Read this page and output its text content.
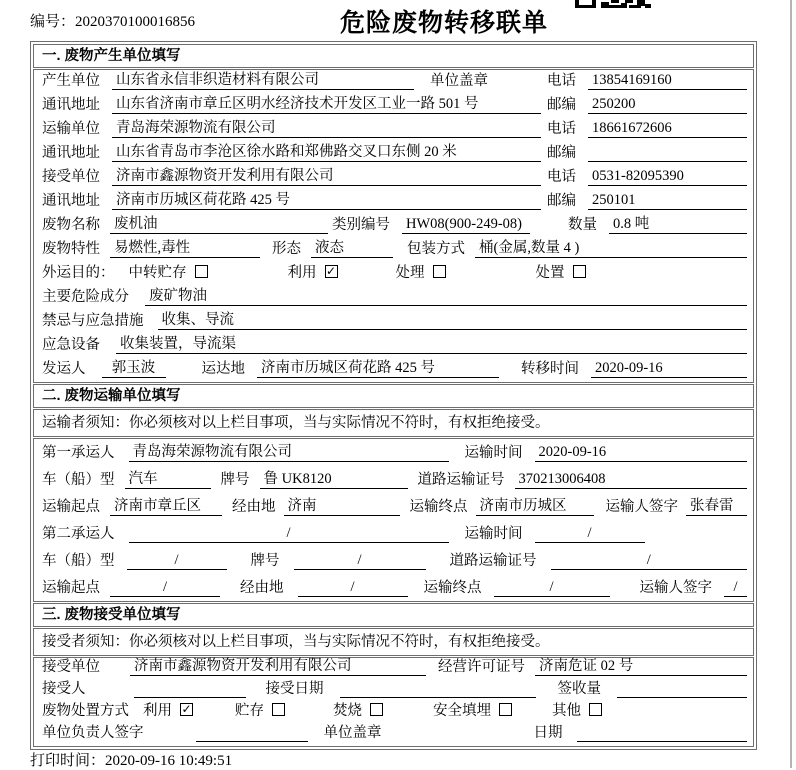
编号：2020370100016856	危险废物转移联单
一. 废物产生单位填写
产生单位 山东省永信非织造材料有限公司	单位盖章	电话 13854169160
通讯地址 山东省济南市章丘区明水经济技术开发区工业一路 501 号	邮编 250200
运输单位 青岛海荣源物流有限公司	电话 18661672606
通讯地址 山东省青岛市李沧区徐水路和郑佛路交叉口东侧 20 米	邮编
接受单位 济南市鑫源物资开发利用有限公司	电话 0531-82095390
通讯地址 济南市历城区荷花路 425 号	邮编 250101
废物名称 废机油	类别编号 HW08(900-249-08)	数量 0.8 吨
废物特性 易燃性,毒性	形态 液态	包装方式 桶(金属,数量 4 )
外运目的： 中转贮存	利用 ✓	处理	处置
主要危险成分 废矿物油
禁忌与应急措施 收集、导流
应急设备 收集装置，导流渠
发运人	郭玉波	运达地 济南市历城区荷花路 425 号	转移时间 2020-09-16
二. 废物运输单位填写
运输者须知：你必须核对以上栏目事项，当与实际情况不符时，有权拒绝接受。
第一承运人 青岛海荣源物流有限公司	运输时间 2020-09-16
车（船）型 汽车	牌号 鲁 UK8120	道路运输证号 370213006408
运输起点 济南市章丘区	经由地 济南	运输终点 济南市历城区	运输人签字 张春雷
第二承运人	/	运输时间	/
车（船）型	/	牌号	/	道路运输证号	/
运输起点	/	经由地	/	运输终点	/	运输人签字	/
三. 废物接受单位填写
接受者须知：你必须核对以上栏目事项，当与实际情况不符时，有权拒绝接受。
接受单位 济南市鑫源物资开发利用有限公司	经营许可证号 济南危证 02 号
接受人	接受日期	签收量
废物处置方式 利用 ✓	贮存	焚烧	安全填埋	其他
单位负责人签字	单位盖章	日期
打印时间：2020-09-16 10:49:51
